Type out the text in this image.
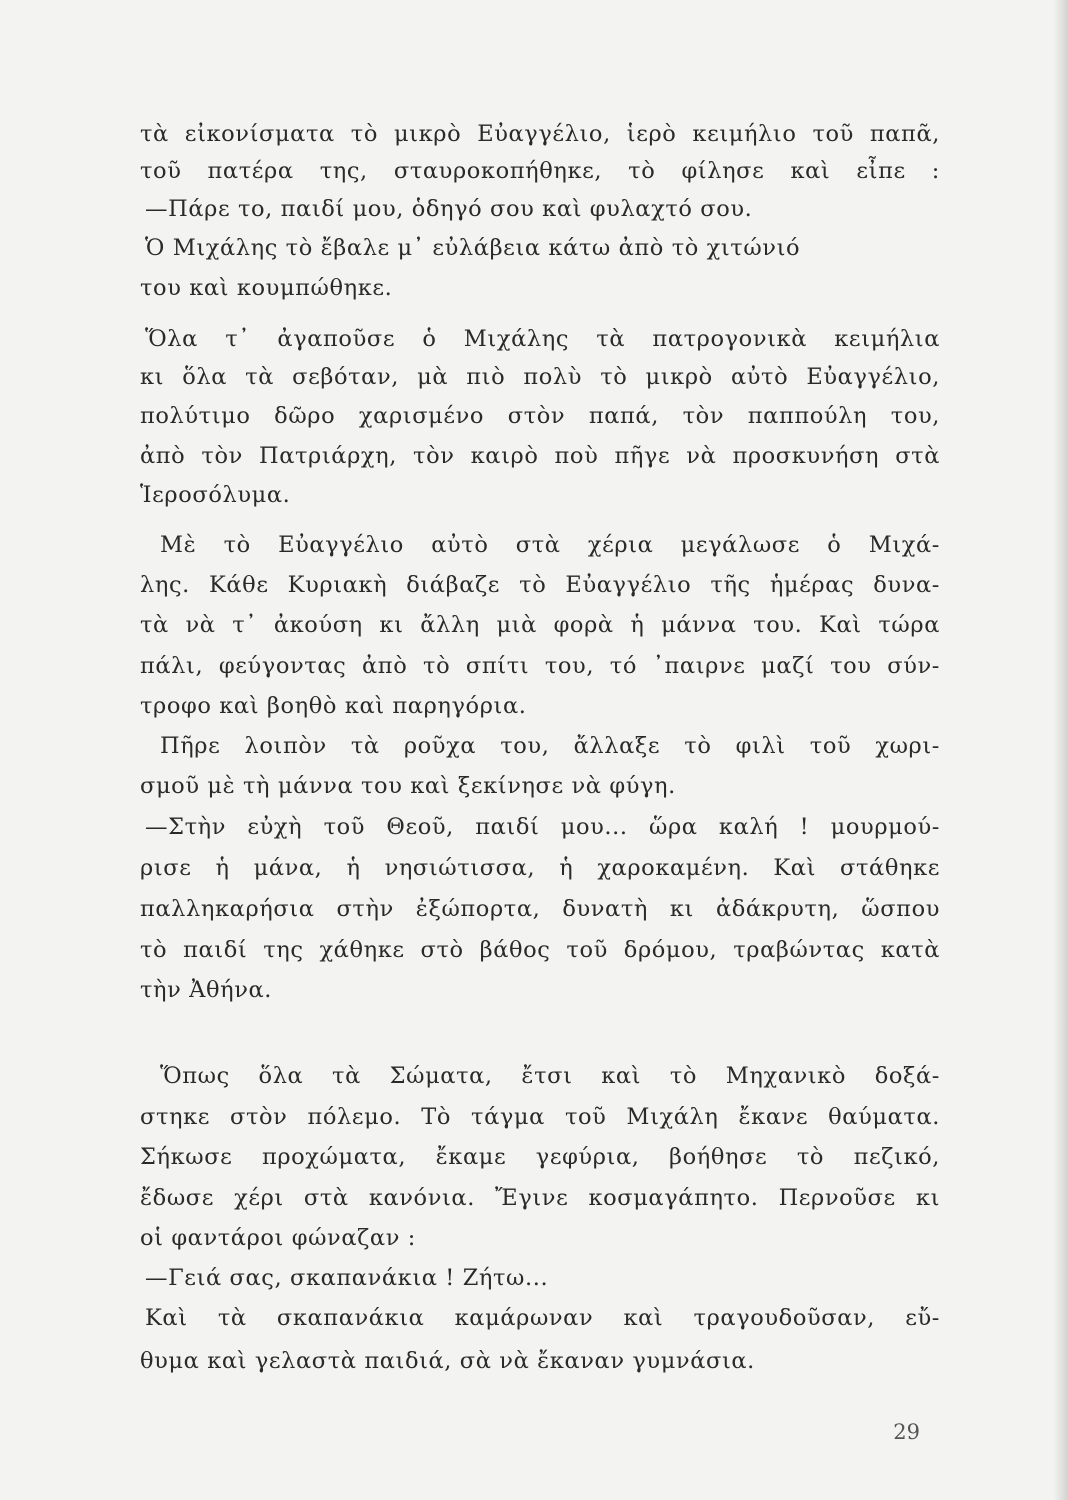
τὰ εἰκονίσματα τὸ μικρὸ Εὐαγγέλιο, ἱερὸ κειμήλιο τοῦ παπᾶ,

τοῦ πατέρα της, σταυροκοπήθηκε, τὸ φίλησε καὶ εἶπε :

—Πάρε το, παιδί μου, ὁδηγό σου καὶ φυλαχτό σου.

Ὁ Μιχάλης τὸ ἔβαλε μ᾿ εὐλάβεια κάτω ἀπὸ τὸ χιτώνιό

του καὶ κουμπώθηκε.

Ὅλα τ᾿ ἀγαποῦσε ὁ Μιχάλης τὰ πατρογονικὰ κειμήλια

κι ὅλα τὰ σεβόταν, μὰ πιὸ πολὺ τὸ μικρὸ αὐτὸ Εὐαγγέλιο,

πολύτιμο δῶρο χαρισμένο στὸν παπά, τὸν παππούλη του,

ἀπὸ τὸν Πατριάρχη, τὸν καιρὸ ποὺ πῆγε νὰ προσκυνήση στὰ

Ἱεροσόλυμα.

Μὲ τὸ Εὐαγγέλιο αὐτὸ στὰ χέρια μεγάλωσε ὁ Μιχά-

λης. Κάθε Κυριακὴ διάβαζε τὸ Εὐαγγέλιο τῆς ἡμέρας δυνα-

τὰ νὰ τ᾿ ἀκούση κι ἄλλη μιὰ φορὰ ἡ μάννα του. Καὶ τώρα

πάλι, φεύγοντας ἀπὸ τὸ σπίτι του, τό ᾿παιρνε μαζί του σύν-

τροφο καὶ βοηθὸ καὶ παρηγόρια.

Πῆρε λοιπὸν τὰ ροῦχα του, ἄλλαξε τὸ φιλὶ τοῦ χωρι-

σμοῦ μὲ τὴ μάννα του καὶ ξεκίνησε νὰ φύγη.

—Στὴν εὐχὴ τοῦ Θεοῦ, παιδί μου... ὥρα καλή ! μουρμού-

ρισε ἡ μάνα, ἡ νησιώτισσα, ἡ χαροκαμένη. Καὶ στάθηκε

παλληκαρήσια στὴν ἐξώπορτα, δυνατὴ κι ἀδάκρυτη, ὥσπου

τὸ παιδί της χάθηκε στὸ βάθος τοῦ δρόμου, τραβώντας κατὰ

τὴν Ἀθήνα.

Ὅπως ὅλα τὰ Σώματα, ἔτσι καὶ τὸ Μηχανικὸ δοξά-

στηκε στὸν πόλεμο. Τὸ τάγμα τοῦ Μιχάλη ἔκανε θαύματα.

Σήκωσε προχώματα, ἔκαμε γεφύρια, βοήθησε τὸ πεζικό,

ἔδωσε χέρι στὰ κανόνια. Ἔγινε κοσμαγάπητο. Περνοῦσε κι

οἱ φαντάροι φώναζαν :

—Γειά σας, σκαπανάκια ! Ζήτω...

Καὶ τὰ σκαπανάκια καμάρωναν καὶ τραγουδοῦσαν, εὔ-

θυμα καὶ γελαστὰ παιδιά, σὰ νὰ ἔκαναν γυμνάσια.

29
